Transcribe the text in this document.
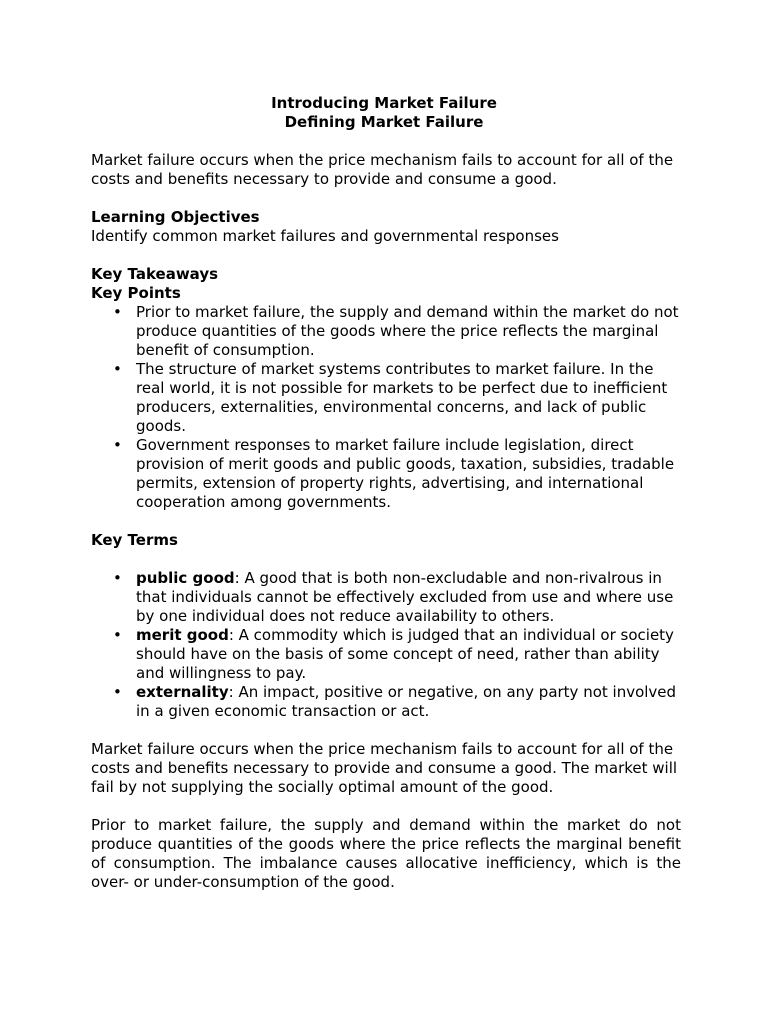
Introducing Market Failure

Defining Market Failure

Market failure occurs when the price mechanism fails to account for all of the costs and benefits necessary to provide and consume a good.

Learning Objectives

Identify common market failures and governmental responses

Key Takeaways

Key Points

• Prior to market failure, the supply and demand within the market do not produce quantities of the goods where the price reflects the marginal benefit of consumption.
• The structure of market systems contributes to market failure. In the real world, it is not possible for markets to be perfect due to inefficient producers, externalities, environmental concerns, and lack of public goods.
• Government responses to market failure include legislation, direct provision of merit goods and public goods, taxation, subsidies, tradable permits, extension of property rights, advertising, and international cooperation among governments.

Key Terms

• public good: A good that is both non-excludable and non-rivalrous in that individuals cannot be effectively excluded from use and where use by one individual does not reduce availability to others.
• merit good: A commodity which is judged that an individual or society should have on the basis of some concept of need, rather than ability and willingness to pay.
• externality: An impact, positive or negative, on any party not involved in a given economic transaction or act.

Market failure occurs when the price mechanism fails to account for all of the costs and benefits necessary to provide and consume a good. The market will fail by not supplying the socially optimal amount of the good.

Prior to market failure, the supply and demand within the market do not produce quantities of the goods where the price reflects the marginal benefit of consumption. The imbalance causes allocative inefficiency, which is the over- or under-consumption of the good.
